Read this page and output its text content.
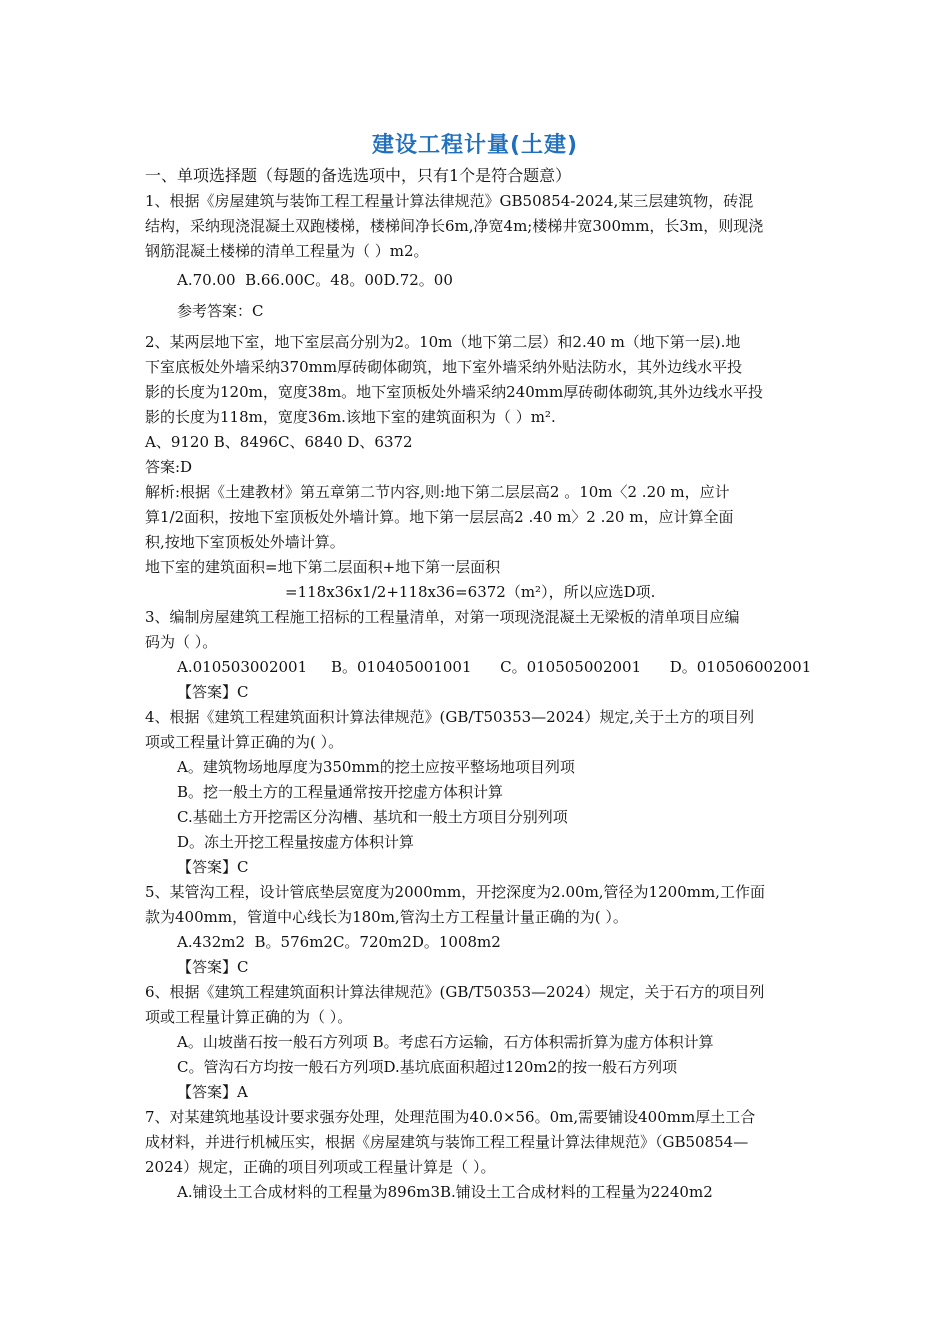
建设工程计量(土建)

一、单项选择题（每题的备选选项中，只有1个是符合题意）

1、根据《房屋建筑与装饰工程工程量计算法律规范》GB50854-2024,某三层建筑物，砖混

结构，采纳现浇混凝土双跑楼梯，楼梯间净长6m,净宽4m;楼梯井宽300mm，长3m，则现浇

钢筋混凝土楼梯的清单工程量为（ ）m2。

A.70.00  B.66.00C。48。00D.72。00

参考答案：C

2、某两层地下室，地下室层高分别为2。10m（地下第二层）和2.40 m（地下第一层).地

下室底板处外墙采纳370mm厚砖砌体砌筑，地下室外墙采纳外贴法防水，其外边线水平投

影的长度为120m，宽度38m。地下室顶板处外墙采纳240mm厚砖砌体砌筑,其外边线水平投

影的长度为118m，宽度36m.该地下室的建筑面积为（ ）m².

A、9120 B、8496C、6840 D、6372

答案:D

解析:根据《土建教材》第五章第二节内容,则:地下第二层层高2 。10m〈2 .20 m，应计

算1/2面积，按地下室顶板处外墙计算。地下第一层层高2 .40 m〉2 .20 m，应计算全面

积,按地下室顶板处外墙计算。

地下室的建筑面积=地下第二层面积+地下第一层面积

=118x36x1/2+118x36=6372（m²），所以应选D项.

3、编制房屋建筑工程施工招标的工程量清单，对第一项现浇混凝土无梁板的清单项目应编

码为（ ）。

A.010503002001     B。010405001001      C。010505002001      D。010506002001

【答案】C

4、根据《建筑工程建筑面积计算法律规范》(GB/T50353—2024）规定,关于土方的项目列

项或工程量计算正确的为( ）。

A。建筑物场地厚度为350mm的挖土应按平整场地项目列项

B。挖一般土方的工程量通常按开挖虚方体积计算

C.基础土方开挖需区分沟槽、基坑和一般土方项目分别列项

D。冻土开挖工程量按虚方体积计算

【答案】C

5、某管沟工程，设计管底垫层宽度为2000mm，开挖深度为2.00m,管径为1200mm,工作面

款为400mm，管道中心线长为180m,管沟土方工程量计量正确的为( ）。

A.432m2  B。576m2C。720m2D。1008m2

【答案】C

6、根据《建筑工程建筑面积计算法律规范》(GB/T50353—2024）规定，关于石方的项目列

项或工程量计算正确的为（ ）。

A。山坡凿石按一般石方列项 B。考虑石方运输，石方体积需折算为虚方体积计算

C。管沟石方均按一般石方列项D.基坑底面积超过120m2的按一般石方列项

【答案】A

7、对某建筑地基设计要求强夯处理，处理范围为40.0×56。0m,需要铺设400mm厚土工合

成材料，并进行机械压实，根据《房屋建筑与装饰工程工程量计算法律规范》（GB50854—

2024）规定，正确的项目列项或工程量计算是（ ）。

A.铺设土工合成材料的工程量为896m3B.铺设土工合成材料的工程量为2240m2
